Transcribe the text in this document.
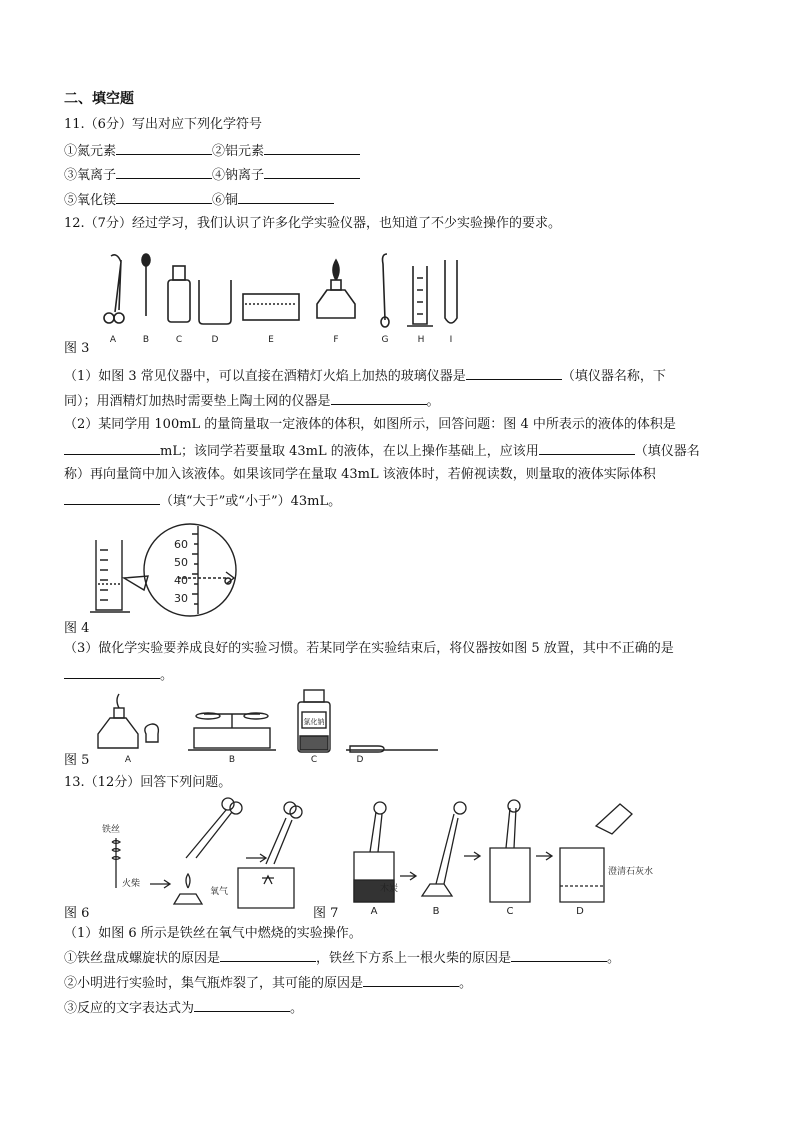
二、填空题
11.（6分）写出对应下列化学符号
①氮元素	②铝元素
③氧离子	④钠离子
⑤氧化镁	⑥铜
12.（7分）经过学习，我们认识了许多化学实验仪器，也知道了不少实验操作的要求。
A	B	C	D	E	F	G	H	I
图 3
（1）如图 3 常见仪器中，可以直接在酒精灯火焰上加热的玻璃仪器是	（填仪器名称，下
同）；用酒精灯加热时需要垫上陶土网的仪器是	。
（2）某同学用 100mL 的量筒量取一定液体的体积，如图所示，回答问题：图 4 中所表示的液体的体积是
mL；该同学若要量取 43mL 的液体，在以上操作基础上，应该用	（填仪器名
称）再向量筒中加入该液体。如果该同学在量取 43mL 该液体时，若俯视读数，则量取的液体实际体积
（填“大于”或“小于”）43mL。
60
50
40
30
图 4
（3）做化学实验要养成良好的实验习惯。若某同学在实验结束后，将仪器按如图 5 放置，其中不正确的是
。
氯化钠
A	B	C	D
图 5
13.（12分）回答下列问题。
铁丝
火柴
氧气
图 6
木炭
澄清石灰水
A	B	C	D
图 7
（1）如图 6 所示是铁丝在氧气中燃烧的实验操作。
①铁丝盘成螺旋状的原因是	，铁丝下方系上一根火柴的原因是	。
②小明进行实验时，集气瓶炸裂了，其可能的原因是	。
③反应的文字表达式为	。
